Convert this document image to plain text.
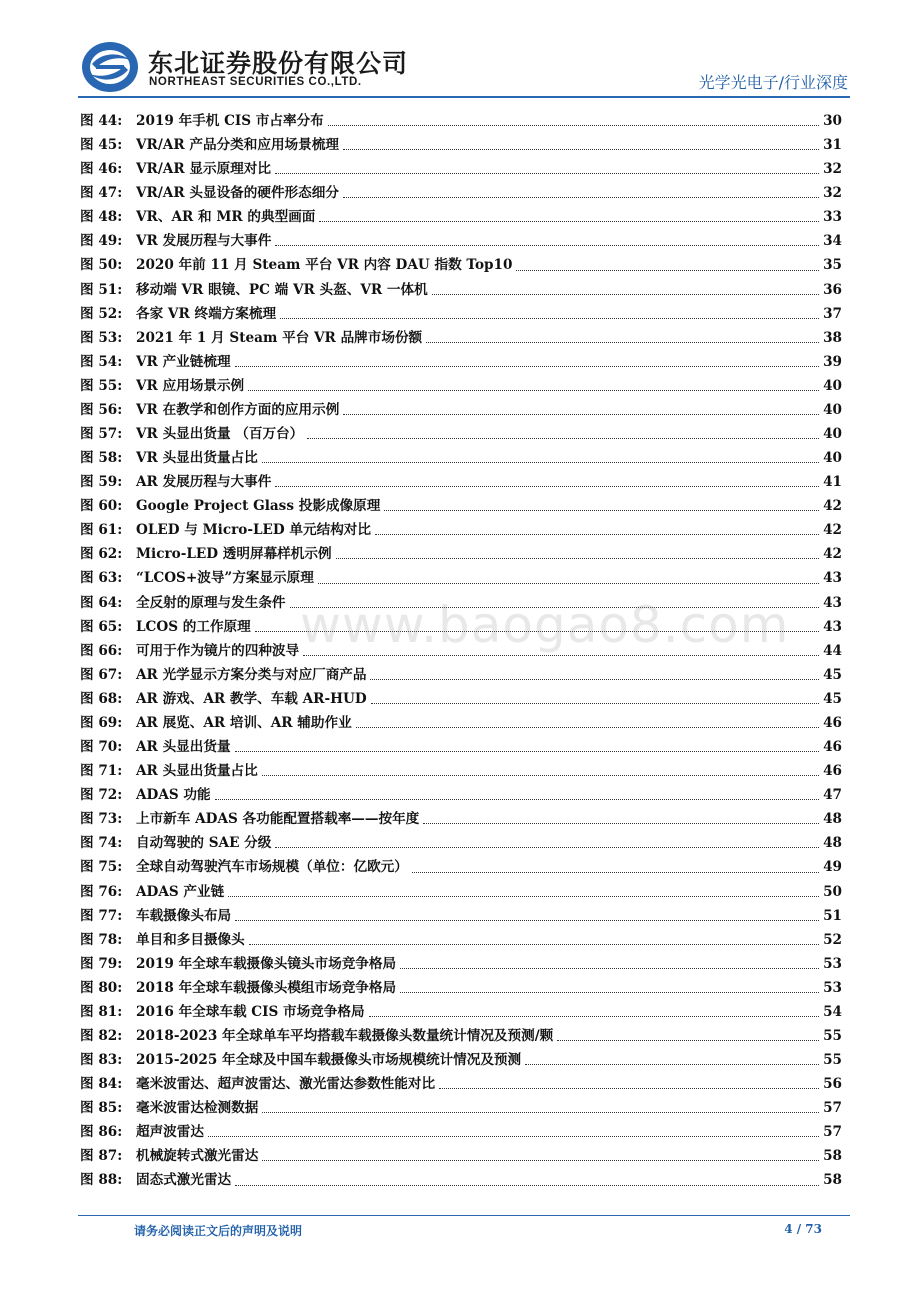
东北证券股份有限公司
NORTHEAST SECURITIES CO.,LTD.	光学光电子/行业深度
图 44:	2019 年手机 CIS 市占率分布	30
图 45:	VR/AR 产品分类和应用场景梳理	31
图 46:	VR/AR 显示原理对比	32
图 47:	VR/AR 头显设备的硬件形态细分	32
图 48:	VR、AR 和 MR 的典型画面	33
图 49:	VR 发展历程与大事件	34
图 50:	2020 年前 11 月 Steam 平台 VR 内容 DAU 指数 Top10	35
图 51:	移动端 VR 眼镜、PC 端 VR 头盔、VR 一体机	36
图 52:	各家 VR 终端方案梳理	37
图 53:	2021 年 1 月 Steam 平台 VR 品牌市场份额	38
图 54:	VR 产业链梳理	39
图 55:	VR 应用场景示例	40
图 56:	VR 在教学和创作方面的应用示例	40
图 57:	VR 头显出货量 （百万台）	40
图 58:	VR 头显出货量占比	40
图 59:	AR 发展历程与大事件	41
图 60:	Google Project Glass 投影成像原理	42
图 61:	OLED 与 Micro-LED 单元结构对比	42
图 62:	Micro-LED 透明屏幕样机示例	42
图 63:	“LCOS+波导”方案显示原理	43
图 64:	全反射的原理与发生条件	43
图 65:	LCOS 的工作原理	43
图 66:	可用于作为镜片的四种波导	44
图 67:	AR 光学显示方案分类与对应厂商产品	45
图 68:	AR 游戏、AR 教学、车载 AR-HUD	45
图 69:	AR 展览、AR 培训、AR 辅助作业	46
图 70:	AR 头显出货量	46
图 71:	AR 头显出货量占比	46
图 72:	ADAS 功能	47
图 73:	上市新车 ADAS 各功能配置搭载率——按年度	48
图 74:	自动驾驶的 SAE 分级	48
图 75:	全球自动驾驶汽车市场规模（单位：亿欧元）	49
图 76:	ADAS 产业链	50
图 77:	车载摄像头布局	51
图 78:	单目和多目摄像头	52
图 79:	2019 年全球车载摄像头镜头市场竞争格局	53
图 80:	2018 年全球车载摄像头模组市场竞争格局	53
图 81:	2016 年全球车载 CIS 市场竞争格局	54
图 82:	2018-2023 年全球单车平均搭载车载摄像头数量统计情况及预测/颗	55
图 83:	2015-2025 年全球及中国车载摄像头市场规模统计情况及预测	55
图 84:	毫米波雷达、超声波雷达、激光雷达参数性能对比	56
图 85:	毫米波雷达检测数据	57
图 86:	超声波雷达	57
图 87:	机械旋转式激光雷达	58
图 88:	固态式激光雷达	58
www.baogao8.com
请务必阅读正文后的声明及说明	4 / 73
